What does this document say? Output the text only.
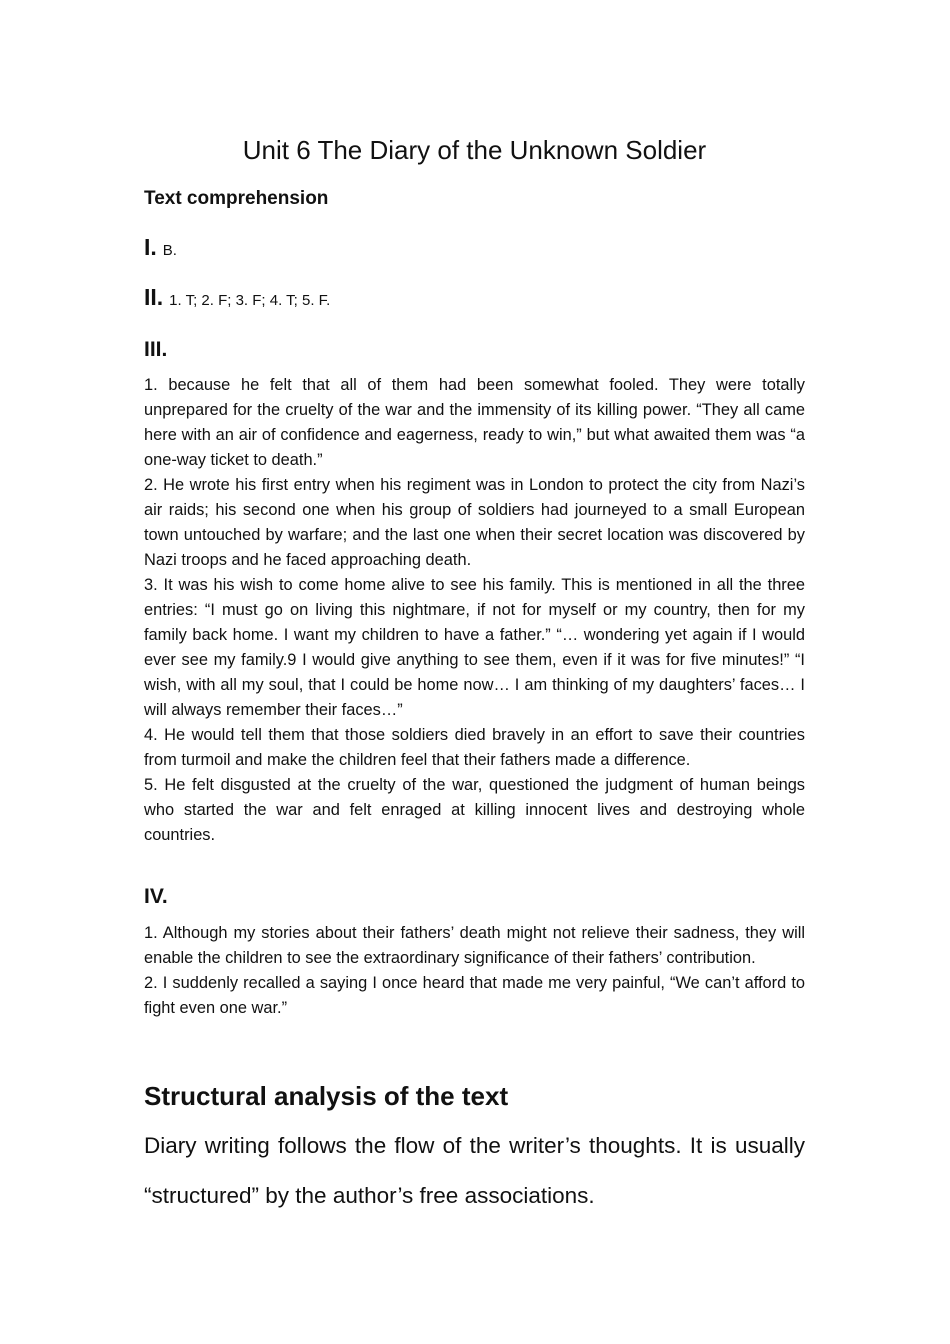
Unit 6 The Diary of the Unknown Soldier
Text comprehension

I. B.

II. 1. T; 2. F; 3. F; 4. T; 5. F.

III.
1. because he felt that all of them had been somewhat fooled. They were totally unprepared for the cruelty of the war and the immensity of its killing power. “They all came here with an air of confidence and eagerness, ready to win,” but what awaited them was “a one-way ticket to death.”
2. He wrote his first entry when his regiment was in London to protect the city from Nazi’s air raids; his second one when his group of soldiers had journeyed to a small European town untouched by warfare; and the last one when their secret location was discovered by Nazi troops and he faced approaching death.
3. It was his wish to come home alive to see his family. This is mentioned in all the three entries: “I must go on living this nightmare, if not for myself or my country, then for my family back home. I want my children to have a father.” “… wondering yet again if I would ever see my family.9 I would give anything to see them, even if it was for five minutes!” “I wish, with all my soul, that I could be home now… I am thinking of my daughters’ faces… I will always remember their faces…”
4. He would tell them that those soldiers died bravely in an effort to save their countries from turmoil and make the children feel that their fathers made a difference.
5. He felt disgusted at the cruelty of the war, questioned the judgment of human beings who started the war and felt enraged at killing innocent lives and destroying whole countries.
IV.
1. Although my stories about their fathers’ death might not relieve their sadness, they will enable the children to see the extraordinary significance of their fathers’ contribution.
2. I suddenly recalled a saying I once heard that made me very painful, “We can’t afford to fight even one war.”
Structural analysis of the text

Diary writing follows the flow of the writer’s thoughts. It is usually “structured” by the author’s free associations.
